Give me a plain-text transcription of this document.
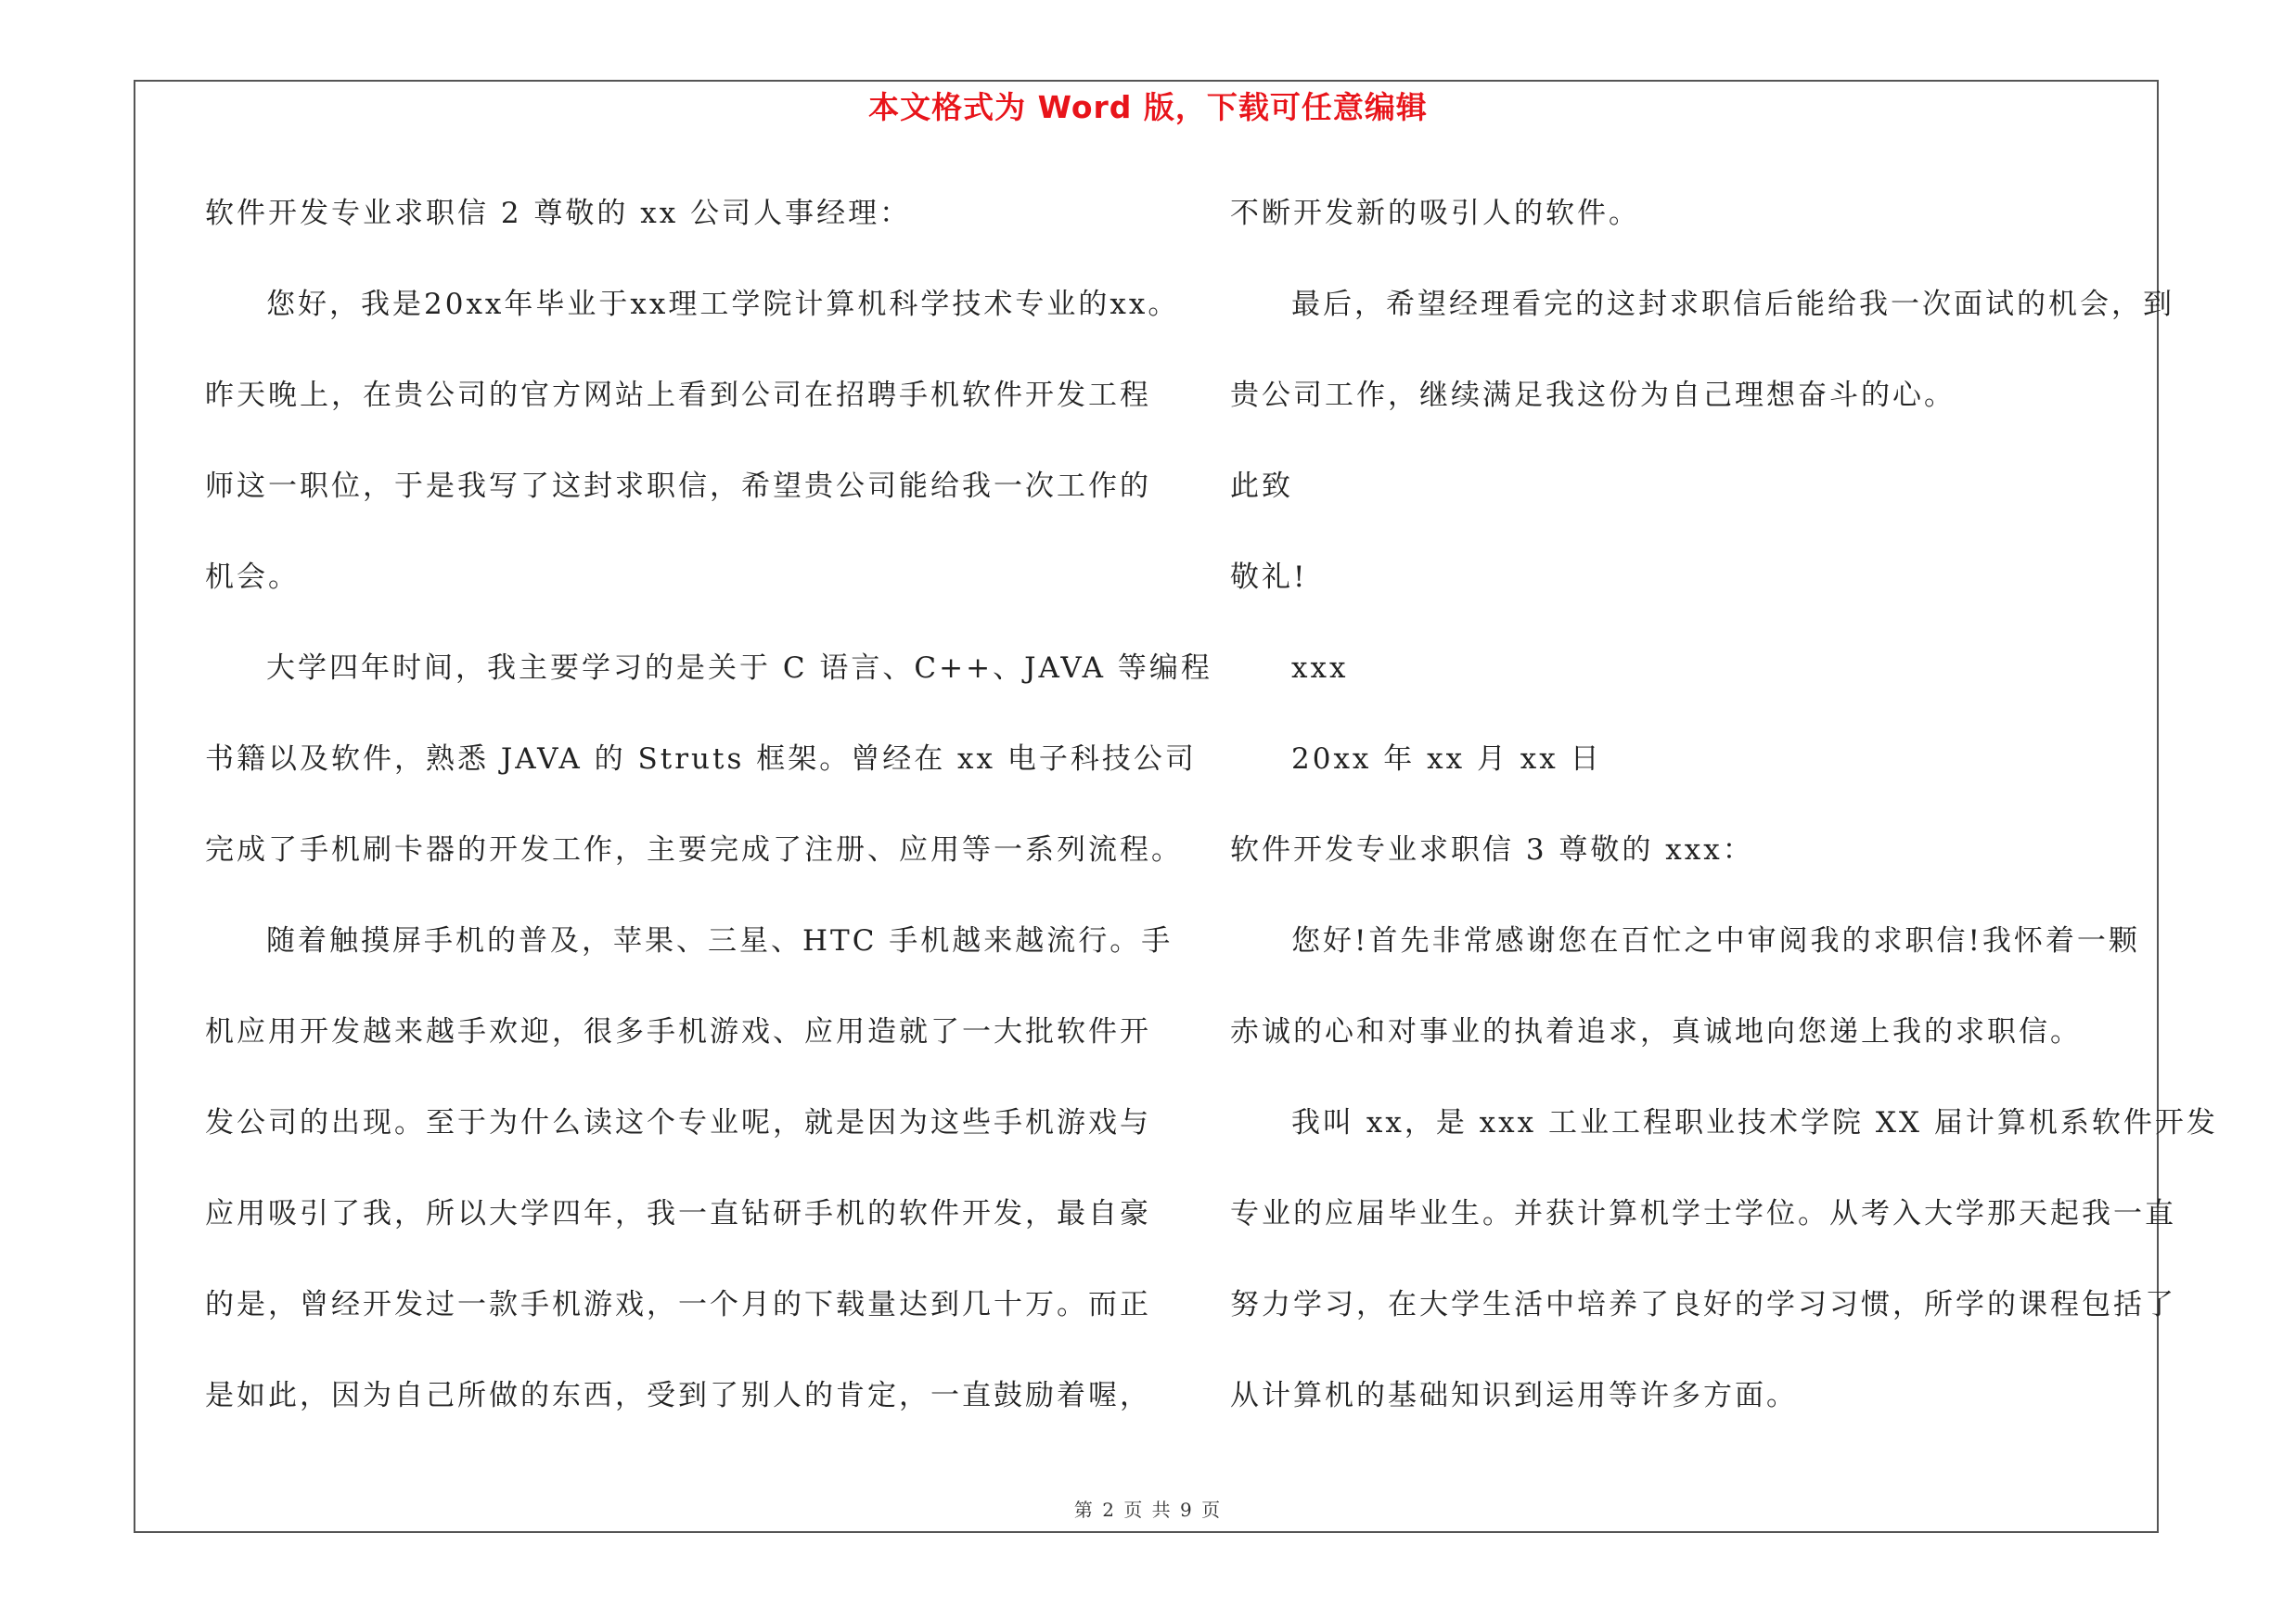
本文格式为 Word 版，下载可任意编辑
软件开发专业求职信 2 尊敬的 xx 公司人事经理：
您好，我是20xx年毕业于xx理工学院计算机科学技术专业的xx。
昨天晚上，在贵公司的官方网站上看到公司在招聘手机软件开发工程
师这一职位，于是我写了这封求职信，希望贵公司能给我一次工作的
机会。
大学四年时间，我主要学习的是关于 C 语言、C++、JAVA 等编程
书籍以及软件，熟悉 JAVA 的 Struts 框架。曾经在 xx 电子科技公司
完成了手机刷卡器的开发工作，主要完成了注册、应用等一系列流程。
随着触摸屏手机的普及，苹果、三星、HTC 手机越来越流行。手
机应用开发越来越手欢迎，很多手机游戏、应用造就了一大批软件开
发公司的出现。至于为什么读这个专业呢，就是因为这些手机游戏与
应用吸引了我，所以大学四年，我一直钻研手机的软件开发，最自豪
的是，曾经开发过一款手机游戏，一个月的下载量达到几十万。而正
是如此，因为自己所做的东西，受到了别人的肯定，一直鼓励着喔，
不断开发新的吸引人的软件。
最后，希望经理看完的这封求职信后能给我一次面试的机会，到
贵公司工作，继续满足我这份为自己理想奋斗的心。
此致
敬礼!
xxx
20xx 年 xx 月 xx 日
软件开发专业求职信 3 尊敬的 xxx：
您好!首先非常感谢您在百忙之中审阅我的求职信!我怀着一颗
赤诚的心和对事业的执着追求，真诚地向您递上我的求职信。
我叫 xx，是 xxx 工业工程职业技术学院 XX 届计算机系软件开发
专业的应届毕业生。并获计算机学士学位。从考入大学那天起我一直
努力学习，在大学生活中培养了良好的学习习惯，所学的课程包括了
从计算机的基础知识到运用等许多方面。
第 2 页 共 9 页
